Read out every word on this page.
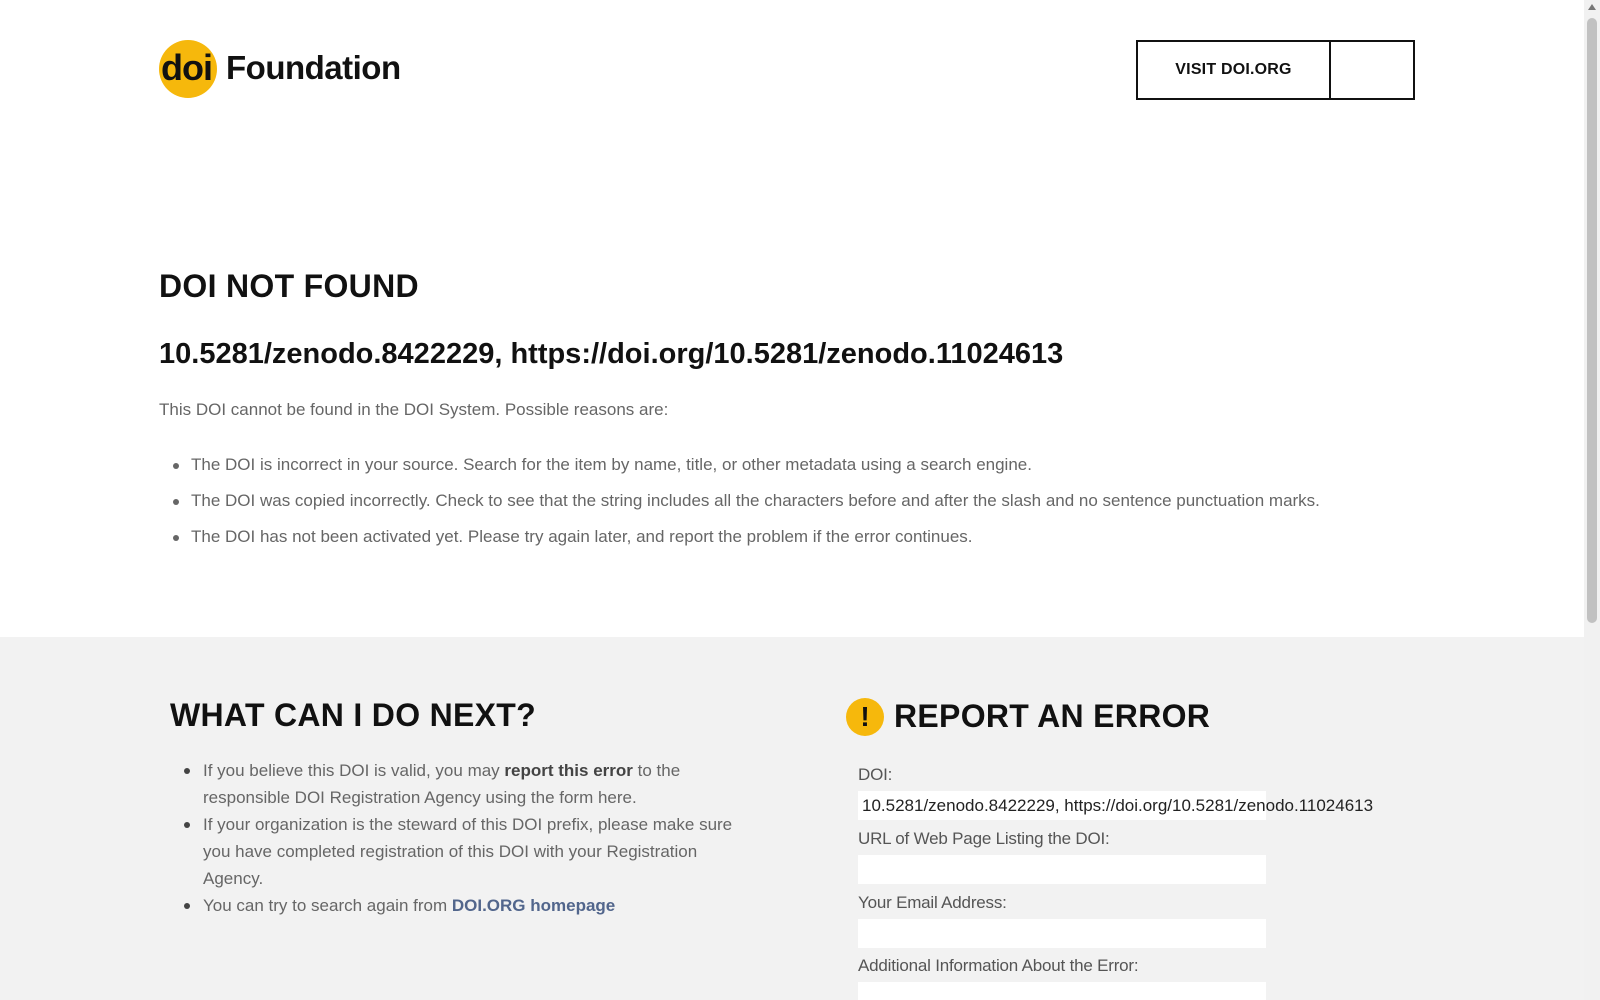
doi Foundation	VISIT DOI.ORG
DOI NOT FOUND
10.5281/zenodo.8422229, https://doi.org/10.5281/zenodo.11024613

This DOI cannot be found in the DOI System. Possible reasons are:

The DOI is incorrect in your source. Search for the item by name, title, or other metadata using a search engine.
The DOI was copied incorrectly. Check to see that the string includes all the characters before and after the slash and no sentence punctuation marks.
The DOI has not been activated yet. Please try again later, and report the problem if the error continues.
WHAT CAN I DO NEXT?
If you believe this DOI is valid, you may report this error to the responsible DOI Registration Agency using the form here.
If your organization is the steward of this DOI prefix, please make sure you have completed registration of this DOI with your Registration Agency.
You can try to search again from DOI.ORG homepage
! REPORT AN ERROR
DOI:
10.5281/zenodo.8422229, https://doi.org/10.5281/zenodo.11024613
URL of Web Page Listing the DOI:
Your Email Address:
Additional Information About the Error:
